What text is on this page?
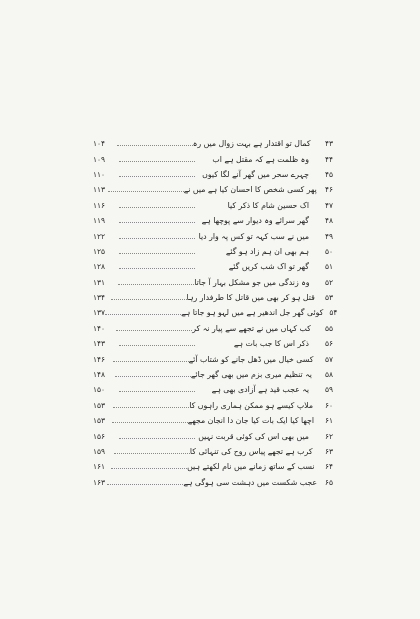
۱۰۴	کمال تو اقتدار ہے بہت زوال میں رہ	۴۳
۱۰۹	وہ ظلمت ہے کہ مقتل ہے اب	۴۴
۱۱۰	چہرے سحر میں گھر آنے لگا کیوں	۴۵
۱۱۳	پھر کسی شخص کا احسان کیا ہے میں نے	۴۶
۱۱۶	اک حسین شام کا ذکر کیا	۴۷
۱۱۹	گھر سرائے وہ دیوار سے پوچھا ہے	۴۸
۱۲۲	میں نے سب کہہ تو کس پہ وار دیا	۴۹
۱۲۵	ہم بھی ان ہم زاد ہو گئے	۵۰
۱۲۸	گھر تو اک شب کریں گئے	۵۱
۱۳۱	وہ زندگی میں جو مشکل بہار آ جاتا	۵۲
۱۳۴	قتل ہو کر بھی میں قاتل کا طرفدار رہا	۵۳
۱۳۷	کوئی گھر جل اندھیر ہے میں لہو ہو جاتا ہے ۵۴
۱۴۰	کب کہاں میں نے تجھے سے پیار نہ کر	۵۵
۱۴۳	ذکر اس کا جب بات ہے	۵۶
۱۴۶	کسی خیال میں ڈھل جانے کو شتاب آئے	۵۷
۱۴۸	یہ تنظیم میری بزم میں بھی گھر جائے	۵۸
۱۵۰	یہ عجب قید ہے آزادی بھی ہے	۵۹
۱۵۳	ملاپ کیسے ہو ممکن ہماری راہوں کا	۶۰
۱۵۳	اچھا کیا ایک بات کیا جان دا انجان مجھے	۶۱
۱۵۶	میں بھی اس کی کوئی قربت نہیں	۶۲
۱۵۹	کرب ہے تجھے پیاس روح کی تنہائی کا	۶۳
۱۶۱	نسب کے ساتھ زمانے میں نام لکھتے ہیں	۶۴
۱۶۳	عجب شکست میں دہشت سی ہوگی ہے	۶۵
